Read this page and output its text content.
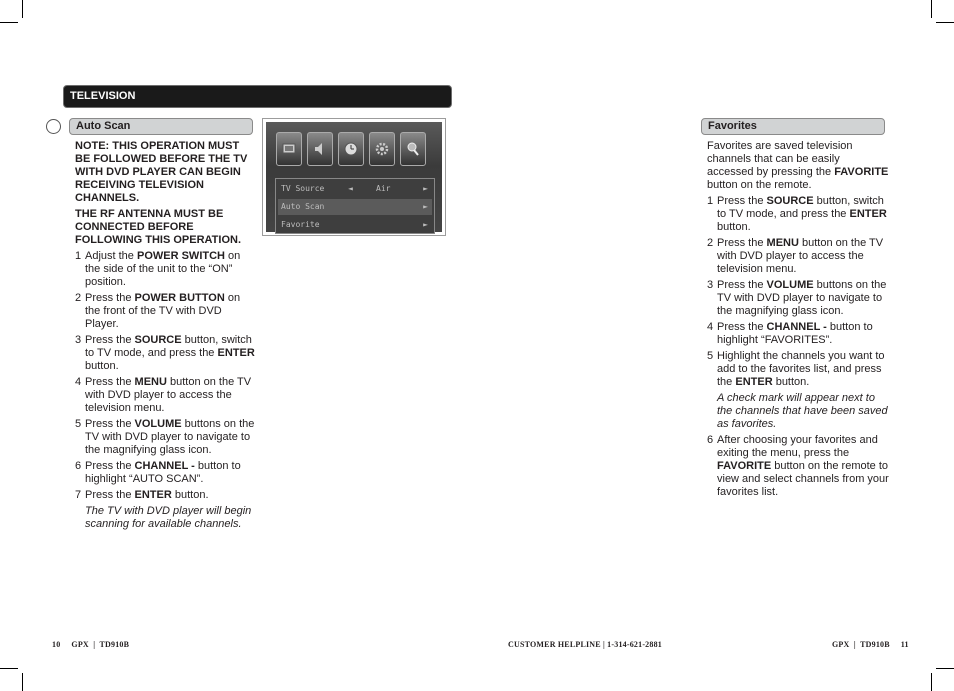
TELEVISION
Auto Scan

NOTE: THIS OPERATION MUST BE FOLLOWED BEFORE THE TV WITH DVD PLAYER CAN BEGIN RECEIVING TELEVISION CHANNELS.

THE RF ANTENNA MUST BE CONNECTED BEFORE FOLLOWING THIS OPERATION.

1 Adjust the POWER SWITCH on the side of the unit to the “ON” position.
2 Press the POWER BUTTON on the front of the TV with DVD Player.
3 Press the SOURCE button, switch to TV mode, and press the ENTER button.
4 Press the MENU button on the TV with DVD player to access the television menu.
5 Press the VOLUME buttons on the TV with DVD player to navigate to the magnifying glass icon.
6 Press the CHANNEL - button to highlight “AUTO SCAN”.
7 Press the ENTER button.
The TV with DVD player will begin scanning for available channels.
TV Source	◄	Air	►
Auto Scan	►
Favorite	►
Favorites

Favorites are saved television channels that can be easily accessed by pressing the FAVORITE button on the remote.

1 Press the SOURCE button, switch to TV mode, and press the ENTER button.
2 Press the MENU button on the TV with DVD player to access the television menu.
3 Press the VOLUME buttons on the TV with DVD player to navigate to the magnifying glass icon.
4 Press the CHANNEL - button to highlight “FAVORITES”.
5 Highlight the channels you want to add to the favorites list, and press the ENTER button.
A check mark will appear next to the channels that have been saved as favorites.
6 After choosing your favorites and exiting the menu, press the FAVORITE button on the remote to view and select channels from your favorites list.
10     GPX  |  TD910B	CUSTOMER HELPLINE | 1-314-621-2881	GPX  |  TD910B     11
